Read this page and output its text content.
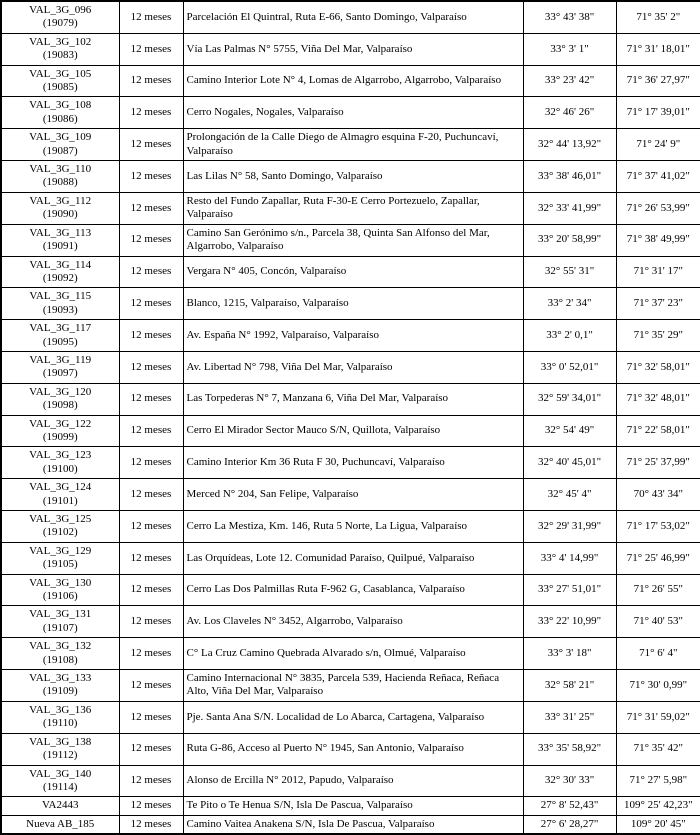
VAL_3G_096
(19079)	12 meses	Parcelación El Quintral, Ruta E-66, Santo Domingo, Valparaíso	33° 43' 38"	71° 35' 2"

VAL_3G_102
(19083)	12 meses	Vía Las Palmas N° 5755, Viña Del Mar, Valparaíso	33° 3' 1"	71° 31' 18,01"

VAL_3G_105
(19085)	12 meses	Camino Interior Lote N° 4, Lomas de Algarrobo, Algarrobo, Valparaíso	33° 23' 42"	71° 36' 27,97"

VAL_3G_108
(19086)	12 meses	Cerro Nogales, Nogales, Valparaíso	32° 46' 26"	71° 17' 39,01"

VAL_3G_109
(19087)	12 meses	Prolongación de la Calle Diego de Almagro esquina F-20, Puchuncaví, Valparaíso	32° 44' 13,92"	71° 24' 9"

VAL_3G_110
(19088)	12 meses	Las Lilas N° 58, Santo Domingo, Valparaíso	33° 38' 46,01"	71° 37' 41,02"

VAL_3G_112
(19090)	12 meses	Resto del Fundo Zapallar, Ruta F-30-E Cerro Portezuelo, Zapallar, Valparaíso	32° 33' 41,99"	71° 26' 53,99"

VAL_3G_113
(19091)	12 meses	Camino San Gerónimo s/n., Parcela 38, Quinta San Alfonso del Mar, Algarrobo, Valparaíso	33° 20' 58,99"	71° 38' 49,99"

VAL_3G_114
(19092)	12 meses	Vergara N° 405, Concón, Valparaíso	32° 55' 31"	71° 31' 17"

VAL_3G_115
(19093)	12 meses	Blanco, 1215, Valparaíso, Valparaíso	33° 2' 34"	71° 37' 23"

VAL_3G_117
(19095)	12 meses	Av. España N° 1992, Valparaíso, Valparaíso	33° 2' 0,1"	71° 35' 29"

VAL_3G_119
(19097)	12 meses	Av. Libertad N° 798, Viña Del Mar, Valparaíso	33° 0' 52,01"	71° 32' 58,01"

VAL_3G_120
(19098)	12 meses	Las Torpederas N° 7, Manzana 6, Viña Del Mar, Valparaíso	32° 59' 34,01"	71° 32' 48,01"

VAL_3G_122
(19099)	12 meses	Cerro El Mirador Sector Mauco S/N, Quillota, Valparaíso	32° 54' 49"	71° 22' 58,01"

VAL_3G_123
(19100)	12 meses	Camino Interior Km 36 Ruta F 30, Puchuncaví, Valparaíso	32° 40' 45,01"	71° 25' 37,99"

VAL_3G_124
(19101)	12 meses	Merced N° 204, San Felipe, Valparaíso	32° 45' 4"	70° 43' 34"

VAL_3G_125
(19102)	12 meses	Cerro La Mestiza, Km. 146, Ruta 5 Norte, La Ligua, Valparaíso	32° 29' 31,99"	71° 17' 53,02"

VAL_3G_129
(19105)	12 meses	Las Orquídeas, Lote 12. Comunidad Paraíso, Quilpué, Valparaíso	33° 4' 14,99"	71° 25' 46,99"

VAL_3G_130
(19106)	12 meses	Cerro Las Dos Palmillas Ruta F-962 G, Casablanca, Valparaíso	33° 27' 51,01"	71° 26' 55"

VAL_3G_131
(19107)	12 meses	Av. Los Claveles N° 3452, Algarrobo, Valparaíso	33° 22' 10,99"	71° 40' 53"

VAL_3G_132
(19108)	12 meses	C° La Cruz Camino Quebrada Alvarado s/n, Olmué, Valparaíso	33° 3' 18"	71° 6' 4"

VAL_3G_133
(19109)	12 meses	Camino Internacional N° 3835, Parcela 539, Hacienda Reñaca, Reñaca Alto, Viña Del Mar, Valparaíso	32° 58' 21"	71° 30' 0,99"

VAL_3G_136
(19110)	12 meses	Pje. Santa Ana S/N. Localidad de Lo Abarca, Cartagena, Valparaíso	33° 31' 25"	71° 31' 59,02"

VAL_3G_138
(19112)	12 meses	Ruta G-86, Acceso al Puerto N° 1945, San Antonio, Valparaíso	33° 35' 58,92"	71° 35' 42"

VAL_3G_140
(19114)	12 meses	Alonso de Ercilla N° 2012, Papudo, Valparaíso	32° 30' 33"	71° 27' 5,98"

VA2443	12 meses	Te Pito o Te Henua S/N, Isla De Pascua, Valparaíso	27° 8' 52,43"	109° 25' 42,23"

Nueva AB_185	12 meses	Camino Vaitea Anakena S/N, Isla De Pascua, Valparaíso	27° 6' 28,27"	109° 20' 45"
